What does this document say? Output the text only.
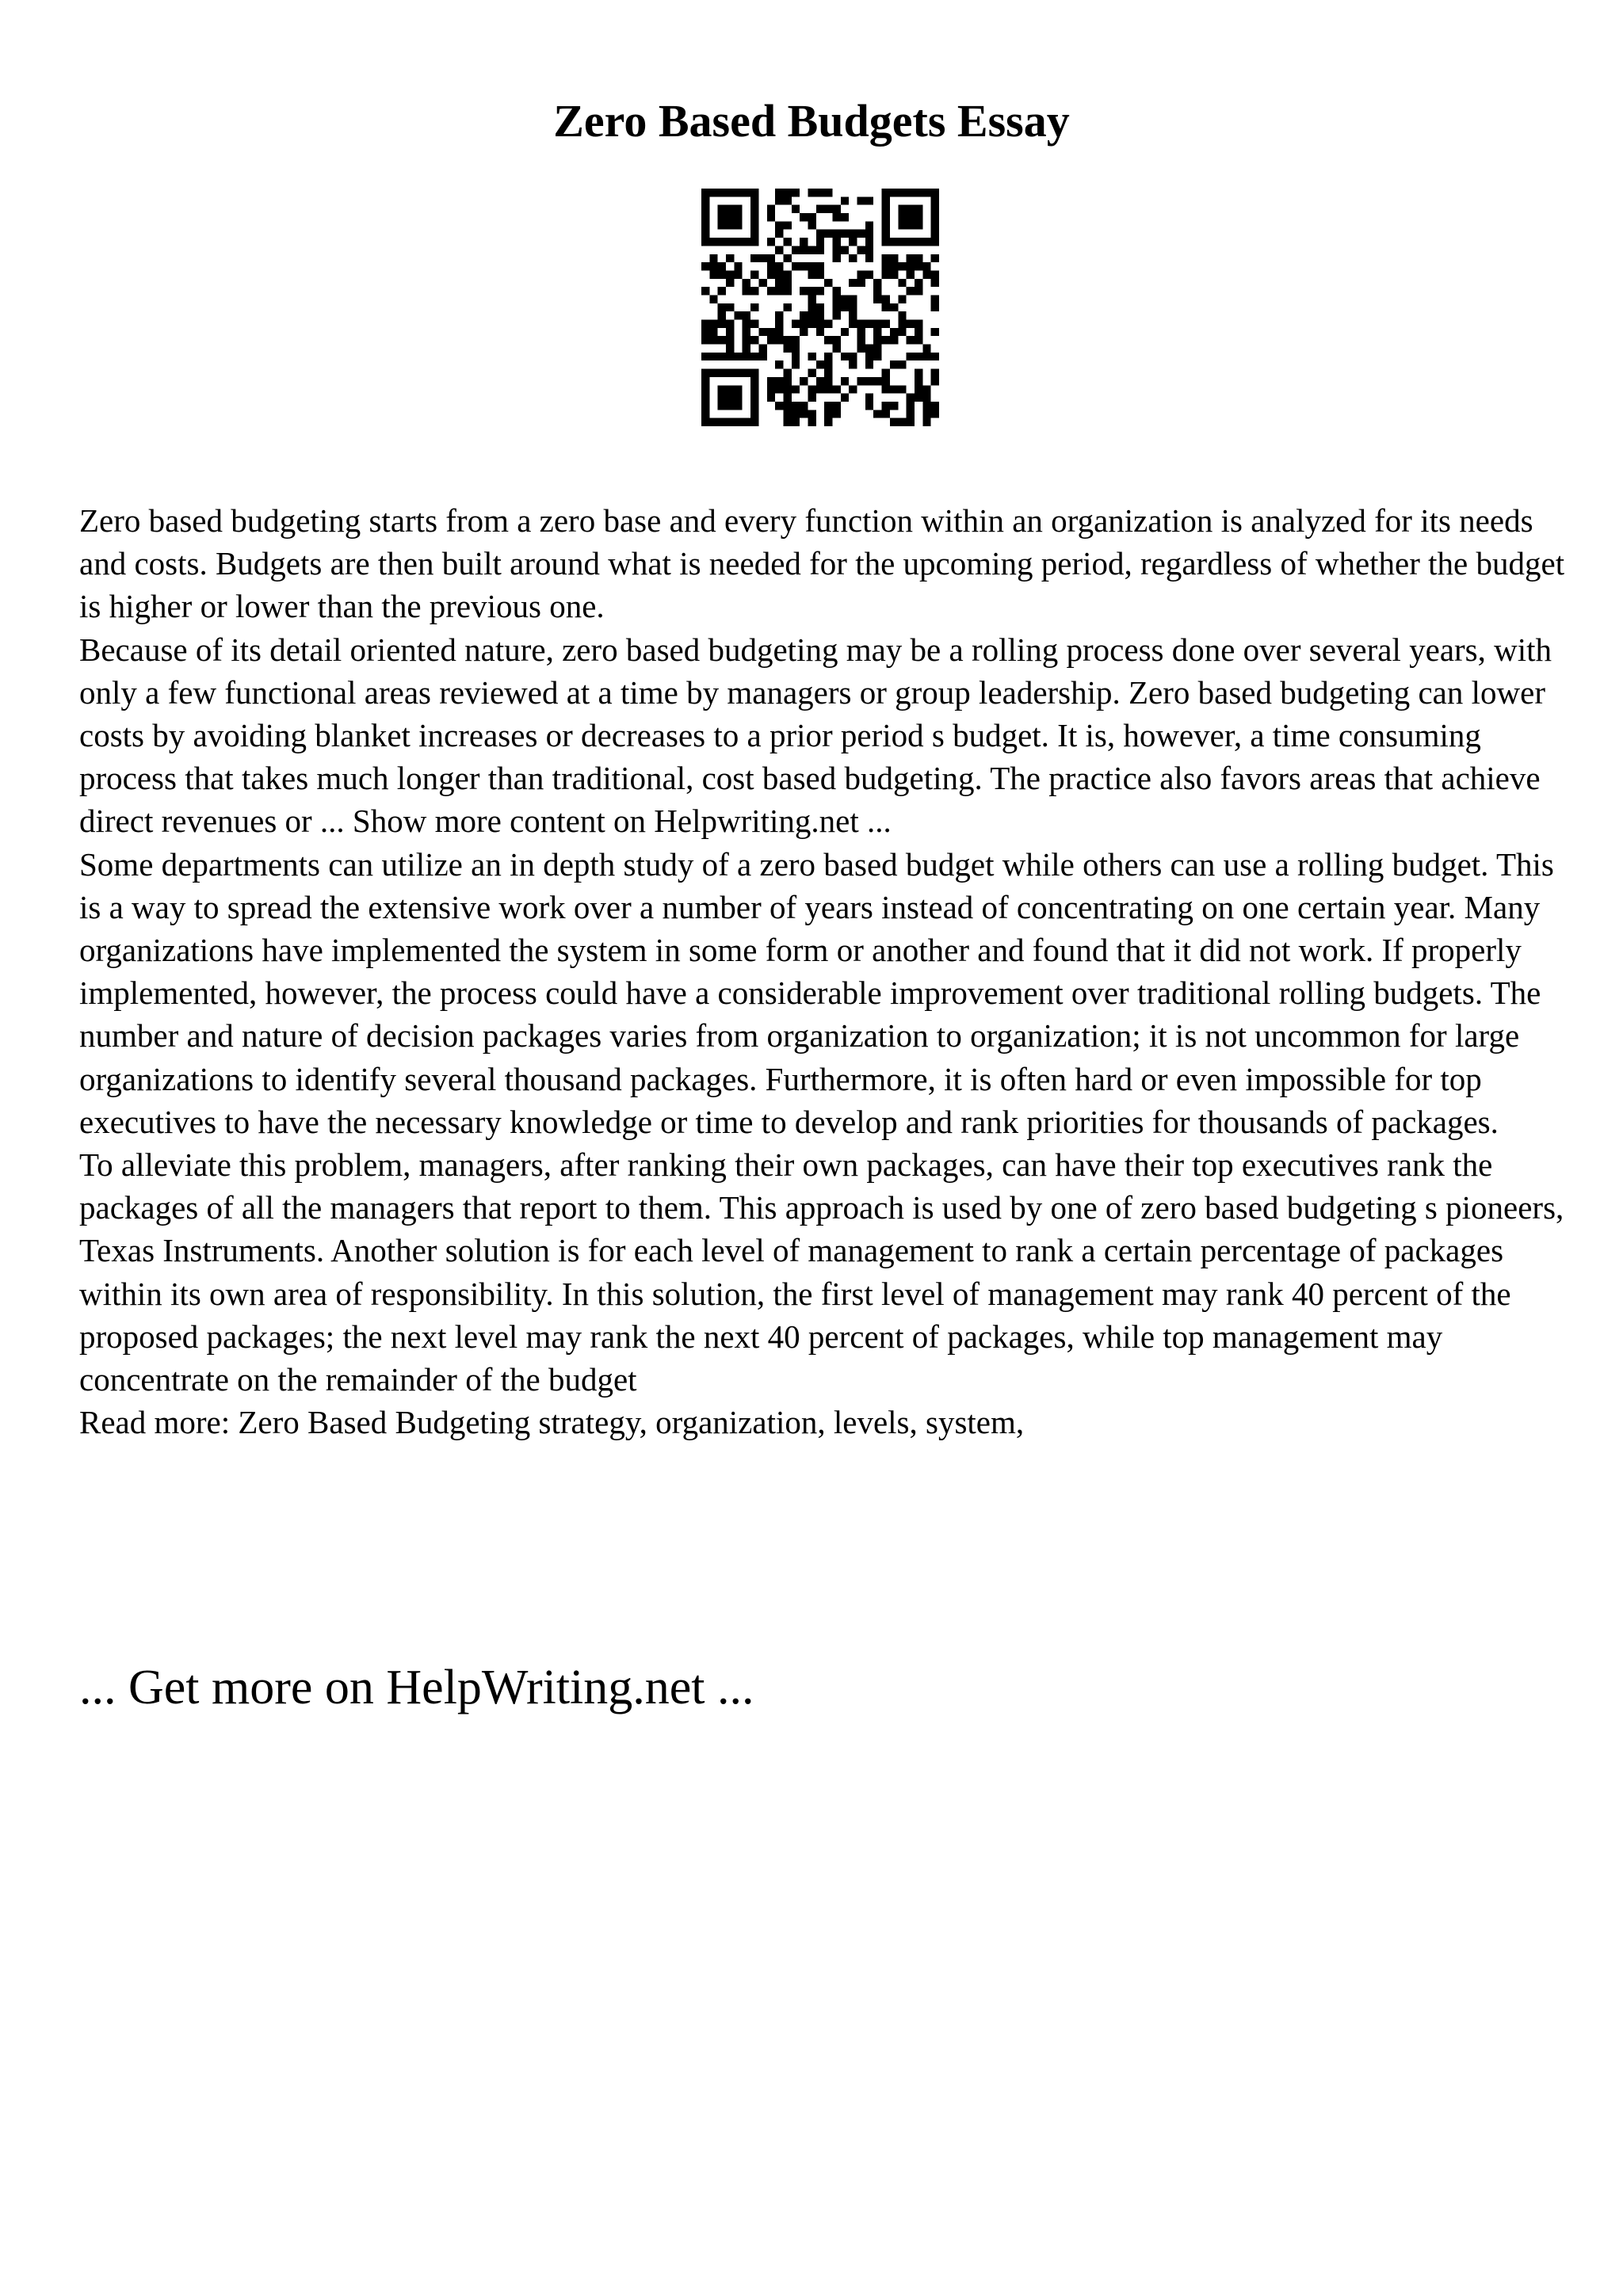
Zero Based Budgets Essay

Zero based budgeting starts from a zero base and every function within an organization is analyzed for its needs and costs. Budgets are then built around what is needed for the upcoming period, regardless of whether the budget is higher or lower than the previous one.

Because of its detail oriented nature, zero based budgeting may be a rolling process done over several years, with only a few functional areas reviewed at a time by managers or group leadership. Zero based budgeting can lower costs by avoiding blanket increases or decreases to a prior period s budget. It is, however, a time consuming process that takes much longer than traditional, cost based budgeting. The practice also favors areas that achieve direct revenues or ... Show more content on Helpwriting.net ...

Some departments can utilize an in depth study of a zero based budget while others can use a rolling budget. This is a way to spread the extensive work over a number of years instead of concentrating on one certain year. Many organizations have implemented the system in some form or another and found that it did not work. If properly implemented, however, the process could have a considerable improvement over traditional rolling budgets. The number and nature of decision packages varies from organization to organization; it is not uncommon for large organizations to identify several thousand packages. Furthermore, it is often hard or even impossible for top executives to have the necessary knowledge or time to develop and rank priorities for thousands of packages.

To alleviate this problem, managers, after ranking their own packages, can have their top executives rank the packages of all the managers that report to them. This approach is used by one of zero based budgeting s pioneers, Texas Instruments. Another solution is for each level of management to rank a certain percentage of packages within its own area of responsibility. In this solution, the first level of management may rank 40 percent of the proposed packages; the next level may rank the next 40 percent of packages, while top management may concentrate on the remainder of the budget

Read more: Zero Based Budgeting strategy, organization, levels, system,

... Get more on HelpWriting.net ...
